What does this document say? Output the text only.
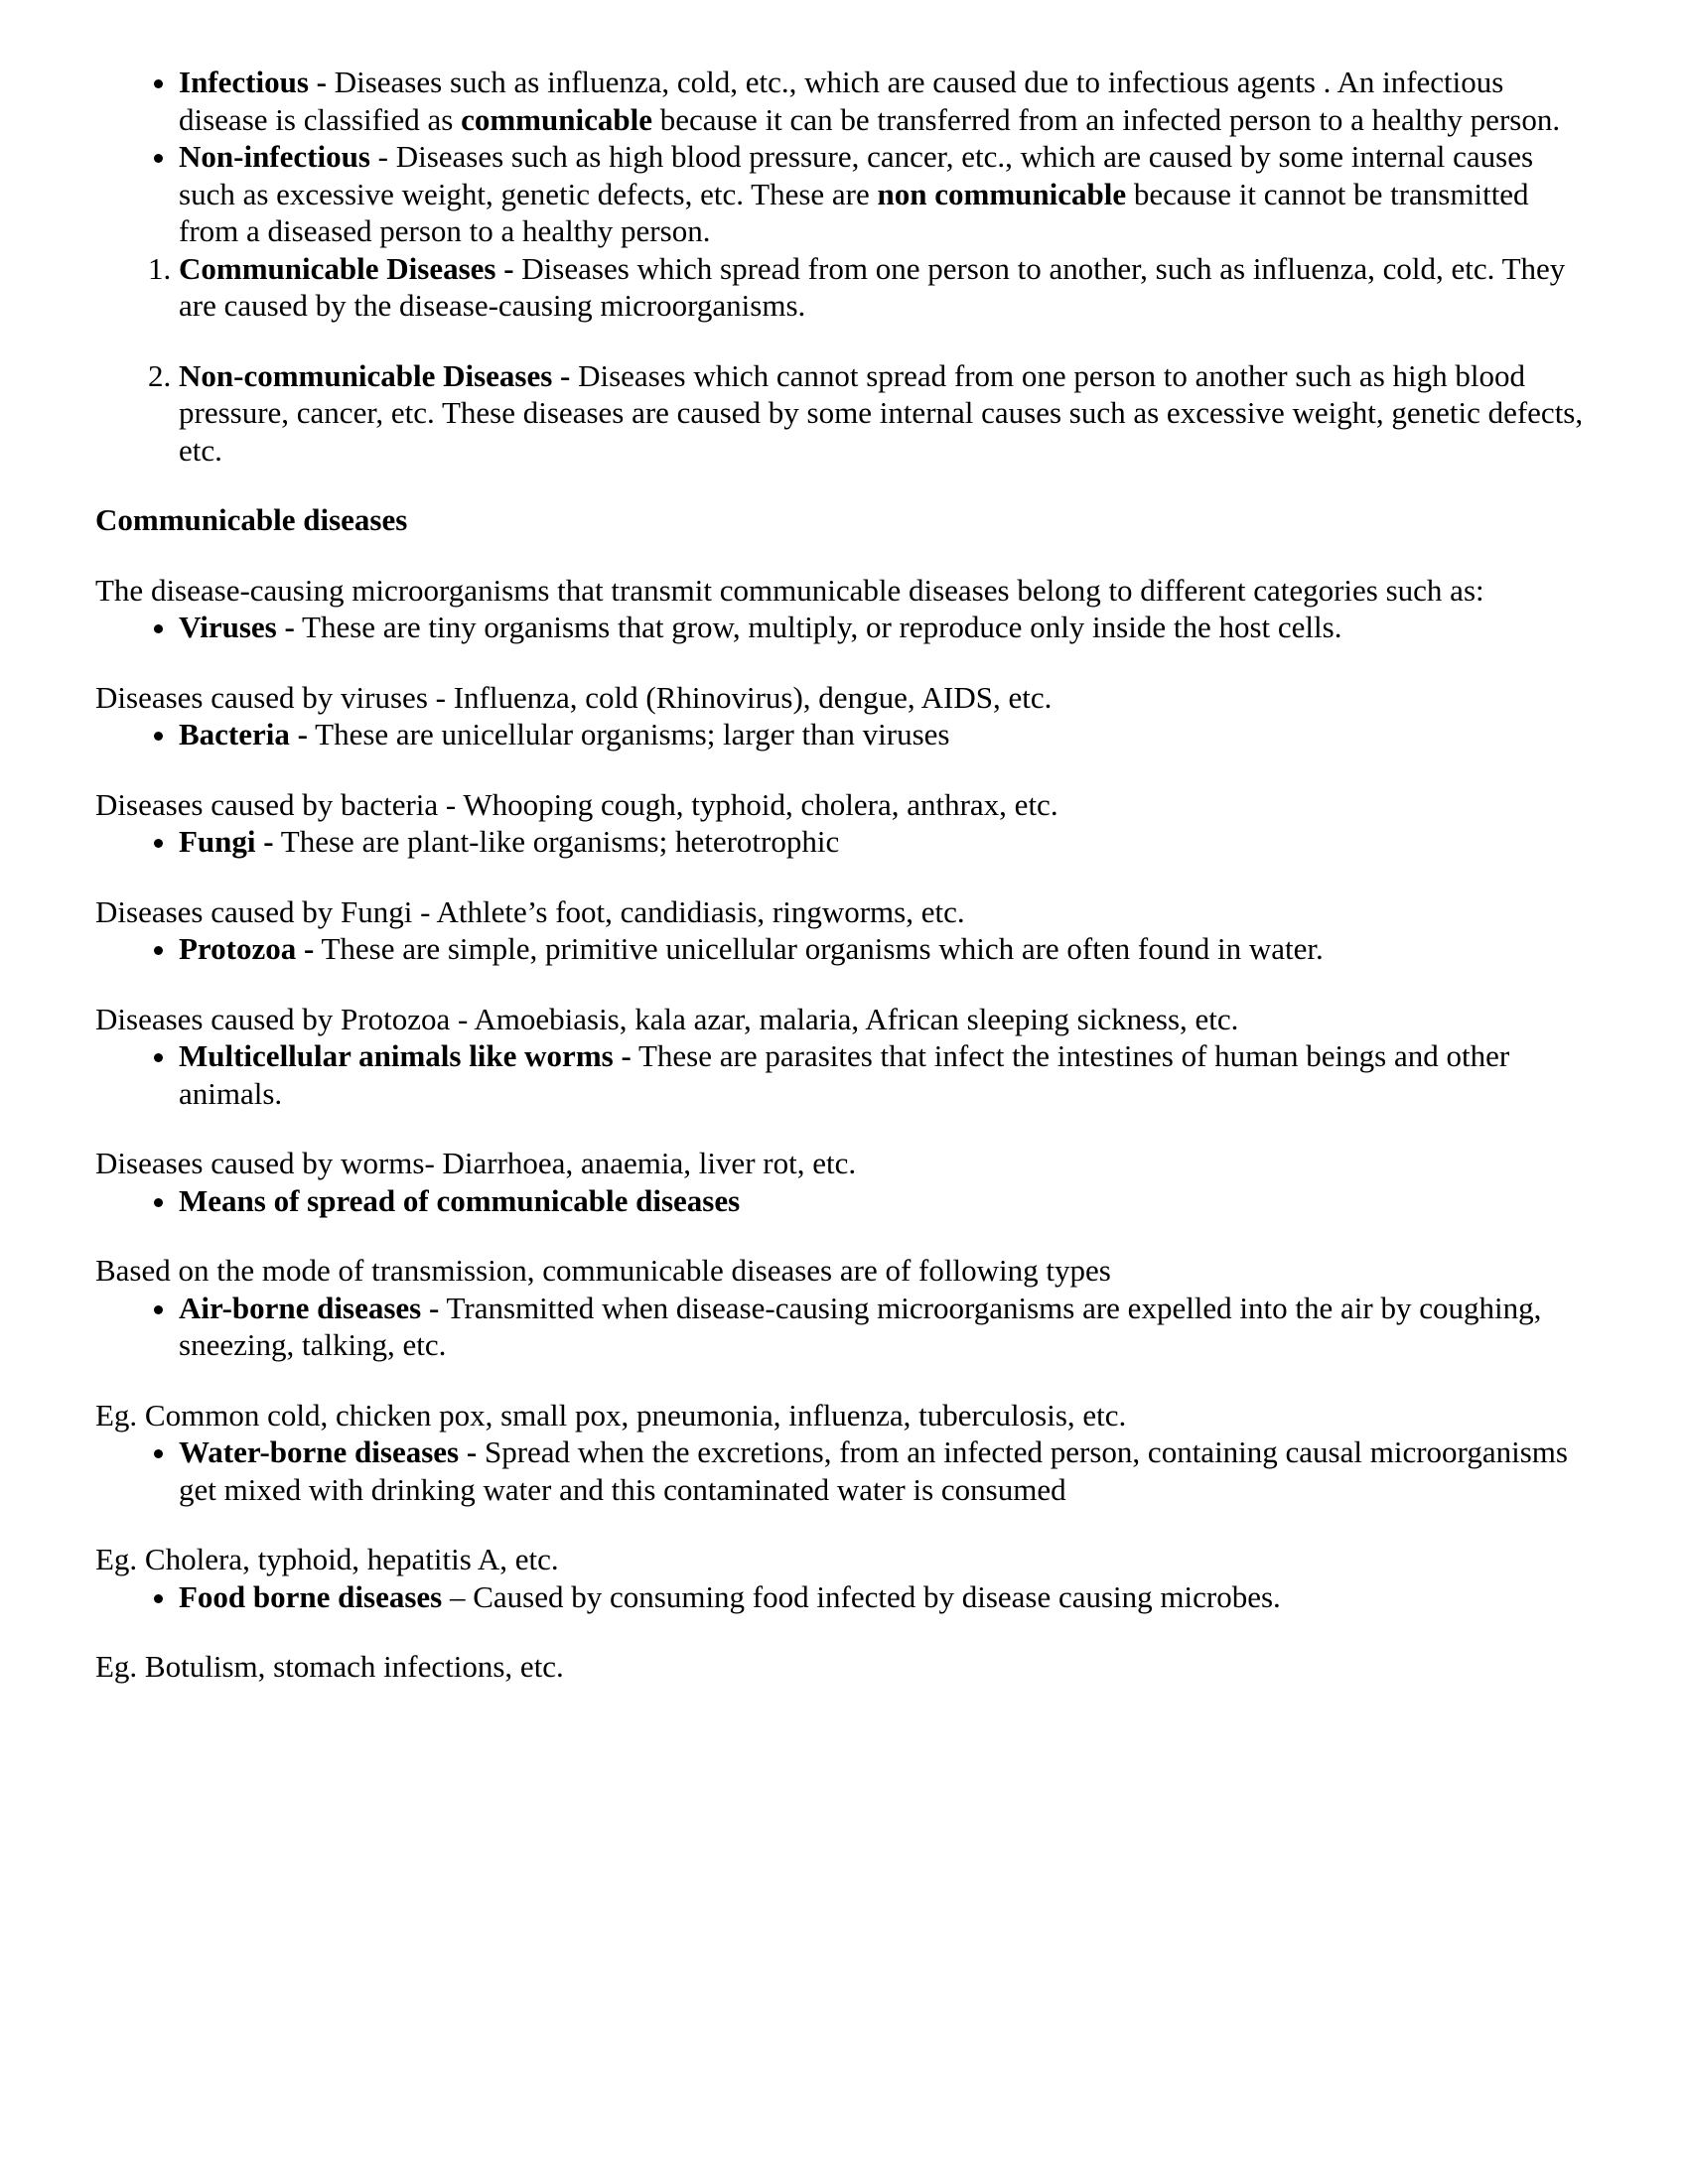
• Infectious - Diseases such as influenza, cold, etc., which are caused due to infectious agents . An infectious disease is classified as communicable because it can be transferred from an infected person to a healthy person.
• Non-infectious - Diseases such as high blood pressure, cancer, etc., which are caused by some internal causes such as excessive weight, genetic defects, etc. These are non communicable because it cannot be transmitted from a diseased person to a healthy person.
1. Communicable Diseases - Diseases which spread from one person to another, such as influenza, cold, etc. They are caused by the disease-causing microorganisms.
2. Non-communicable Diseases - Diseases which cannot spread from one person to another such as high blood pressure, cancer, etc. These diseases are caused by some internal causes such as excessive weight, genetic defects, etc.

Communicable diseases

The disease-causing microorganisms that transmit communicable diseases belong to different categories such as:

• Viruses - These are tiny organisms that grow, multiply, or reproduce only inside the host cells.

Diseases caused by viruses - Influenza, cold (Rhinovirus), dengue, AIDS, etc.

• Bacteria - These are unicellular organisms; larger than viruses

Diseases caused by bacteria - Whooping cough, typhoid, cholera, anthrax, etc.

• Fungi - These are plant-like organisms; heterotrophic

Diseases caused by Fungi - Athlete’s foot, candidiasis, ringworms, etc.

• Protozoa - These are simple, primitive unicellular organisms which are often found in water.

Diseases caused by Protozoa - Amoebiasis, kala azar, malaria, African sleeping sickness, etc.

• Multicellular animals like worms - These are parasites that infect the intestines of human beings and other animals.

Diseases caused by worms- Diarrhoea, anaemia, liver rot, etc.

• Means of spread of communicable diseases

Based on the mode of transmission, communicable diseases are of following types

• Air-borne diseases - Transmitted when disease-causing microorganisms are expelled into the air by coughing, sneezing, talking, etc.

Eg. Common cold, chicken pox, small pox, pneumonia, influenza, tuberculosis, etc.

• Water-borne diseases - Spread when the excretions, from an infected person, containing causal microorganisms get mixed with drinking water and this contaminated water is consumed

Eg. Cholera, typhoid, hepatitis A, etc.

• Food borne diseases – Caused by consuming food infected by disease causing microbes.

Eg. Botulism, stomach infections, etc.
